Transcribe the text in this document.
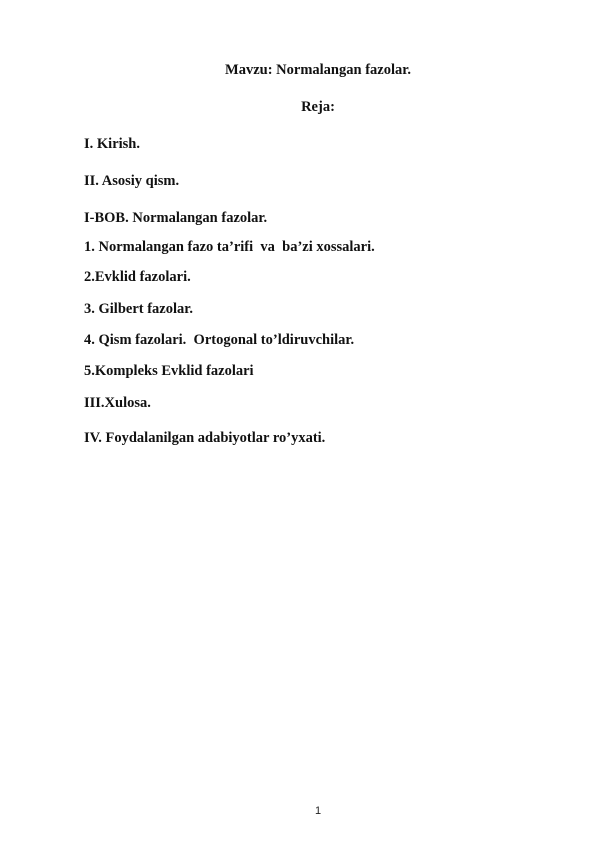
Mavzu: Normalangan fazolar.
Reja:
I. Kirish.
II. Asosiy qism.
I-BOB. Normalangan fazolar.
1. Normalangan fazo ta’rifi  va  ba’zi xossalari.
2.Evklid fazolari.
3. Gilbert fazolar.
4. Qism fazolari.  Ortogonal to’ldiruvchilar.
5.Kompleks Evklid fazolari
III.Xulosa.
IV. Foydalanilgan adabiyotlar ro’yxati.
1
